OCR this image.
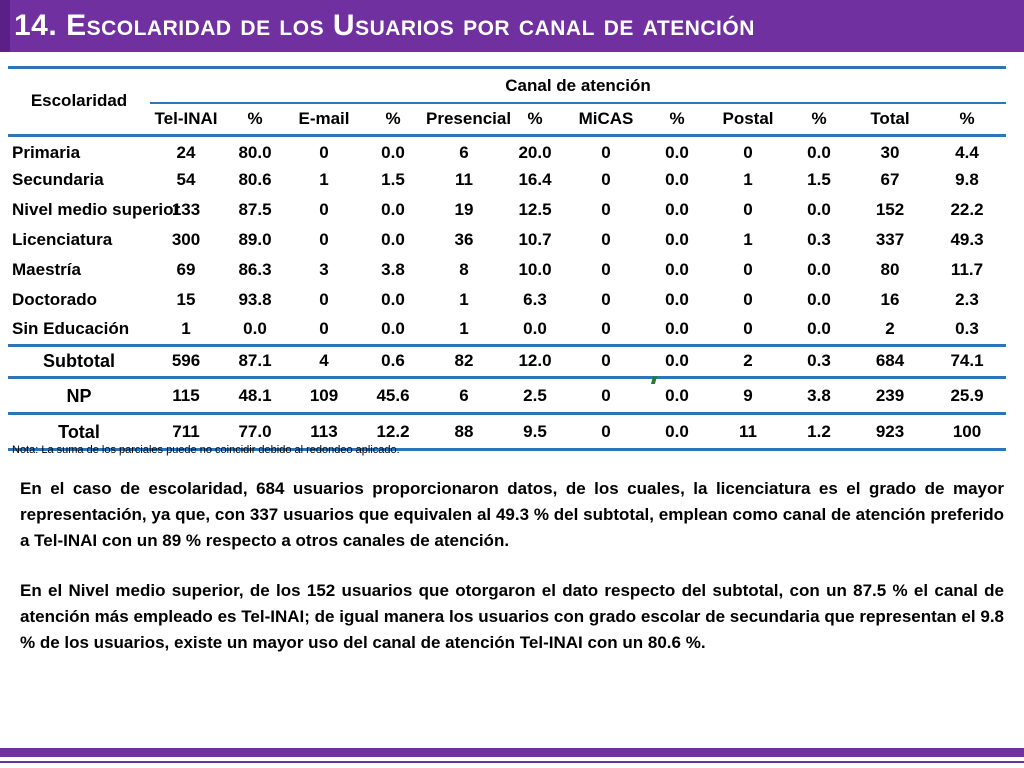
14. Escolaridad de los Usuarios por canal de atención

Escolaridad	Canal de atención											
	Tel-INAI	%	E-mail	%	Presencial	%	MiCAS	%	Postal	%	Total	%
Primaria	24	80.0	0	0.0	6	20.0	0	0.0	0	0.0	30	4.4
Secundaria	54	80.6	1	1.5	11	16.4	0	0.0	1	1.5	67	9.8
Nivel medio superior	133	87.5	0	0.0	19	12.5	0	0.0	0	0.0	152	22.2
Licenciatura	300	89.0	0	0.0	36	10.7	0	0.0	1	0.3	337	49.3
Maestría	69	86.3	3	3.8	8	10.0	0	0.0	0	0.0	80	11.7
Doctorado	15	93.8	0	0.0	1	6.3	0	0.0	0	0.0	16	2.3
Sin Educación	1	0.0	0	0.0	1	0.0	0	0.0	0	0.0	2	0.3
Subtotal	596	87.1	4	0.6	82	12.0	0	0.0	2	0.3	684	74.1

NP	115	48.1	109	45.6	6	2.5	0	0.0	9	3.8	239	25.9

Total	711	77.0	113	12.2	88	9.5	0	0.0	11	1.2	923	100
Nota: La suma de los parciales puede no coincidir debido al redondeo aplicado.
En el caso de escolaridad, 684 usuarios proporcionaron datos, de los cuales, la licenciatura es el grado de mayor representación, ya que, con 337 usuarios que equivalen al 49.3 % del subtotal, emplean como canal de atención preferido a Tel-INAI con un 89 % respecto a otros canales de atención.
En el Nivel medio superior, de los 152 usuarios que otorgaron el dato respecto del subtotal, con un 87.5 % el canal de atención más empleado es Tel-INAI; de igual manera los usuarios con grado escolar de secundaria que representan el 9.8 % de los usuarios, existe un mayor uso del canal de atención Tel-INAI con un 80.6 %.
